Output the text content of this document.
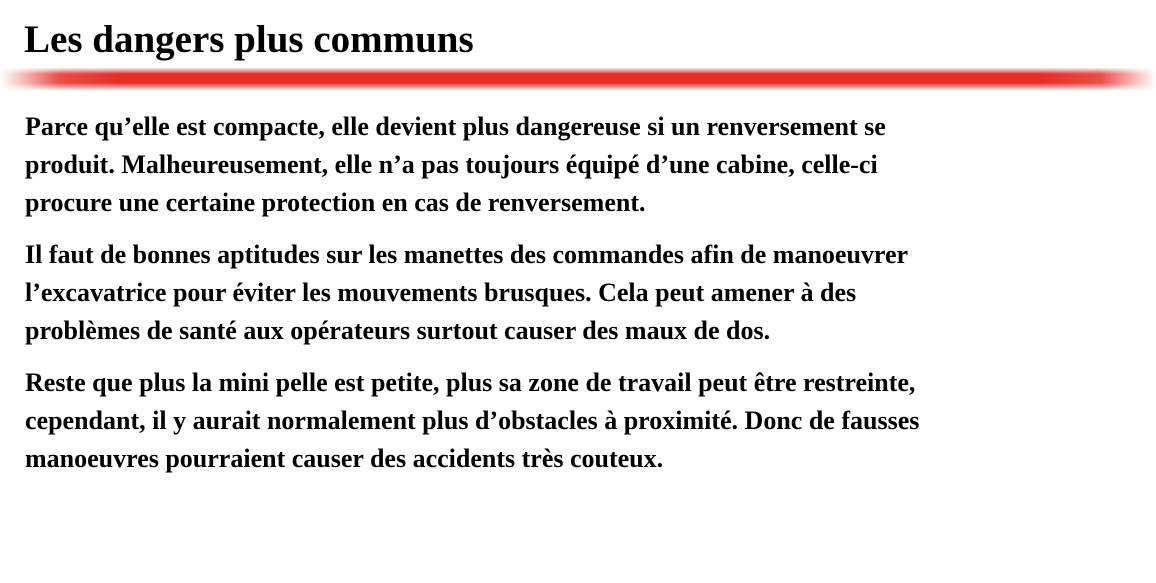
Les dangers plus communs

Parce qu’elle est compacte, elle devient plus dangereuse si un renversement se
produit. Malheureusement, elle n’a pas toujours équipé d’une cabine, celle-ci
procure une certaine protection en cas de renversement.

Il faut de bonnes aptitudes sur les manettes des commandes afin de manoeuvrer
l’excavatrice pour éviter les mouvements brusques. Cela peut amener à des
problèmes de santé aux opérateurs surtout causer des maux de dos.

Reste que plus la mini pelle est petite, plus sa zone de travail peut être restreinte,
cependant, il y aurait normalement plus d’obstacles à proximité. Donc de fausses
manoeuvres pourraient causer des accidents très couteux.
